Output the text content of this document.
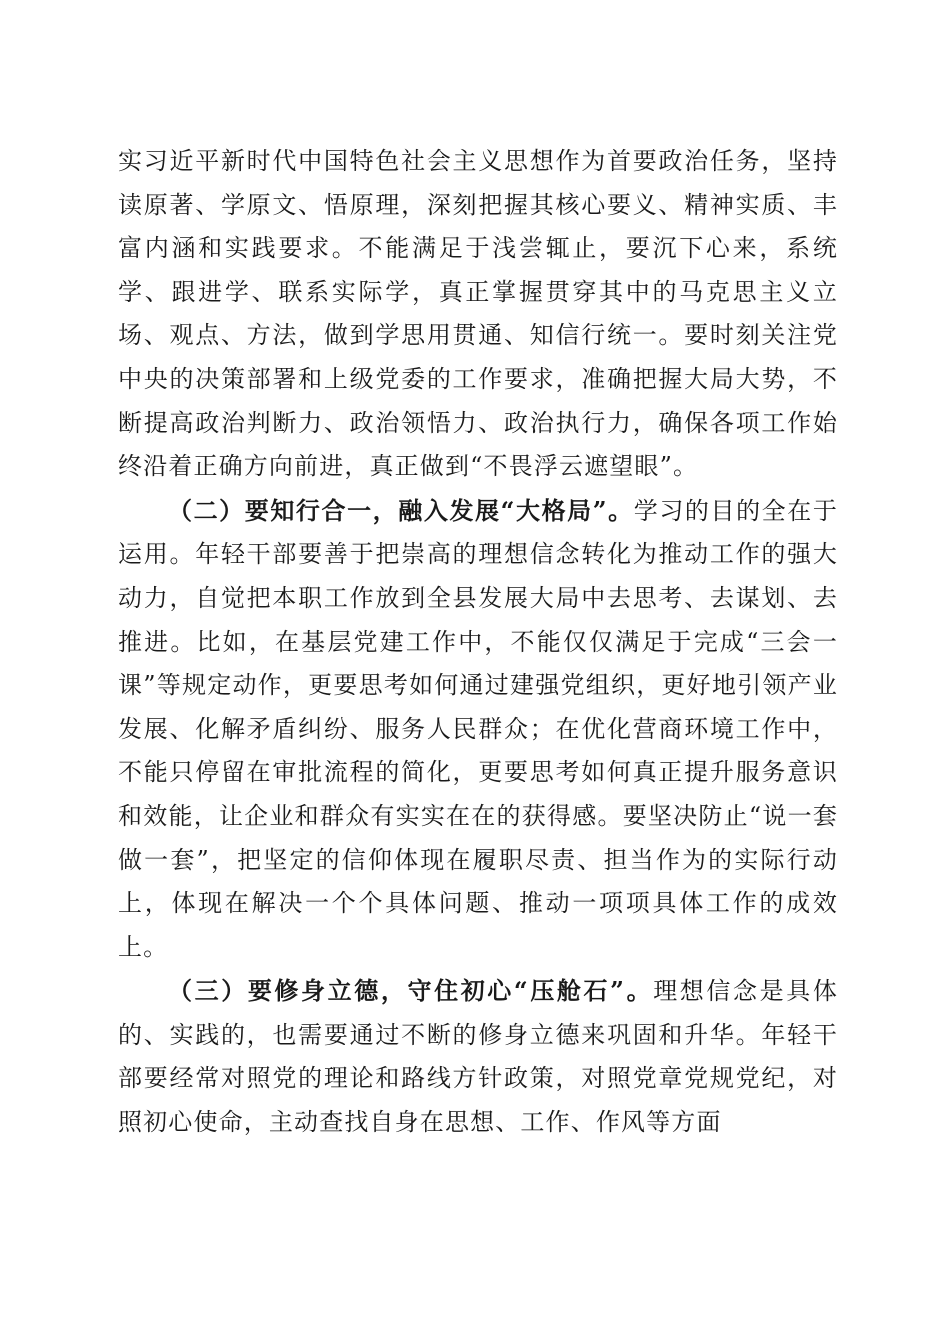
实习近平新时代中国特色社会主义思想作为首要政治任务，坚持读原著、学原文、悟原理，深刻把握其核心要义、精神实质、丰富内涵和实践要求。不能满足于浅尝辄止，要沉下心来，系统学、跟进学、联系实际学，真正掌握贯穿其中的马克思主义立场、观点、方法，做到学思用贯通、知信行统一。要时刻关注党中央的决策部署和上级党委的工作要求，准确把握大局大势，不断提高政治判断力、政治领悟力、政治执行力，确保各项工作始终沿着正确方向前进，真正做到“不畏浮云遮望眼”。

（二）要知行合一，融入发展“大格局”。学习的目的全在于运用。年轻干部要善于把崇高的理想信念转化为推动工作的强大动力，自觉把本职工作放到全县发展大局中去思考、去谋划、去推进。比如，在基层党建工作中，不能仅仅满足于完成“三会一课”等规定动作，更要思考如何通过建强党组织，更好地引领产业发展、化解矛盾纠纷、服务人民群众；在优化营商环境工作中，不能只停留在审批流程的简化，更要思考如何真正提升服务意识和效能，让企业和群众有实实在在的获得感。要坚决防止“说一套做一套”，把坚定的信仰体现在履职尽责、担当作为的实际行动上，体现在解决一个个具体问题、推动一项项具体工作的成效上。

（三）要修身立德，守住初心“压舱石”。理想信念是具体的、实践的，也需要通过不断的修身立德来巩固和升华。年轻干部要经常对照党的理论和路线方针政策，对照党章党规党纪，对照初心使命，主动查找自身在思想、工作、作风等方面
